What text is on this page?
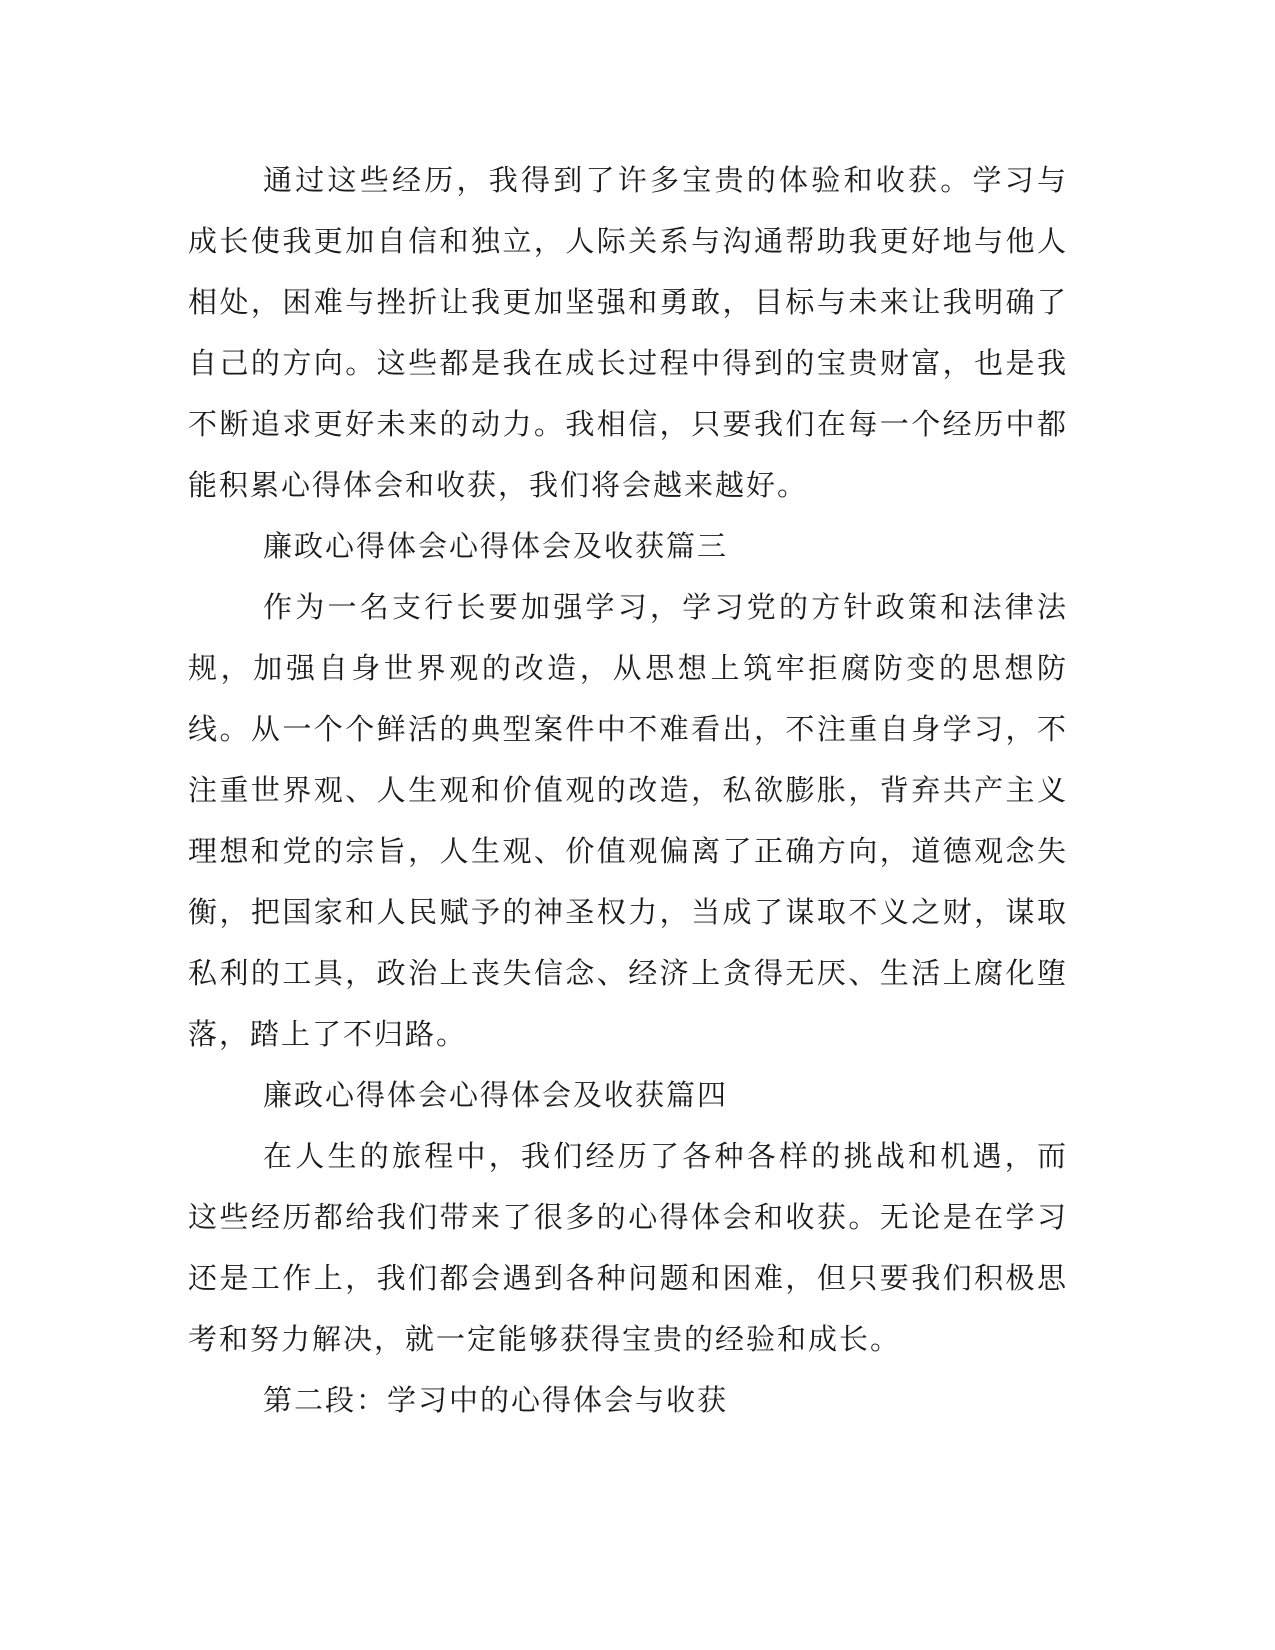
通过这些经历，我得到了许多宝贵的体验和收获。学习与成长使我更加自信和独立，人际关系与沟通帮助我更好地与他人相处，困难与挫折让我更加坚强和勇敢，目标与未来让我明确了自己的方向。这些都是我在成长过程中得到的宝贵财富，也是我不断追求更好未来的动力。我相信，只要我们在每一个经历中都能积累心得体会和收获，我们将会越来越好。

廉政心得体会心得体会及收获篇三

作为一名支行长要加强学习，学习党的方针政策和法律法规，加强自身世界观的改造，从思想上筑牢拒腐防变的思想防线。从一个个鲜活的典型案件中不难看出，不注重自身学习，不注重世界观、人生观和价值观的改造，私欲膨胀，背弃共产主义理想和党的宗旨，人生观、价值观偏离了正确方向，道德观念失衡，把国家和人民赋予的神圣权力，当成了谋取不义之财，谋取私利的工具，政治上丧失信念、经济上贪得无厌、生活上腐化堕落，踏上了不归路。

廉政心得体会心得体会及收获篇四

在人生的旅程中，我们经历了各种各样的挑战和机遇，而这些经历都给我们带来了很多的心得体会和收获。无论是在学习还是工作上，我们都会遇到各种问题和困难，但只要我们积极思考和努力解决，就一定能够获得宝贵的经验和成长。

第二段：学习中的心得体会与收获
